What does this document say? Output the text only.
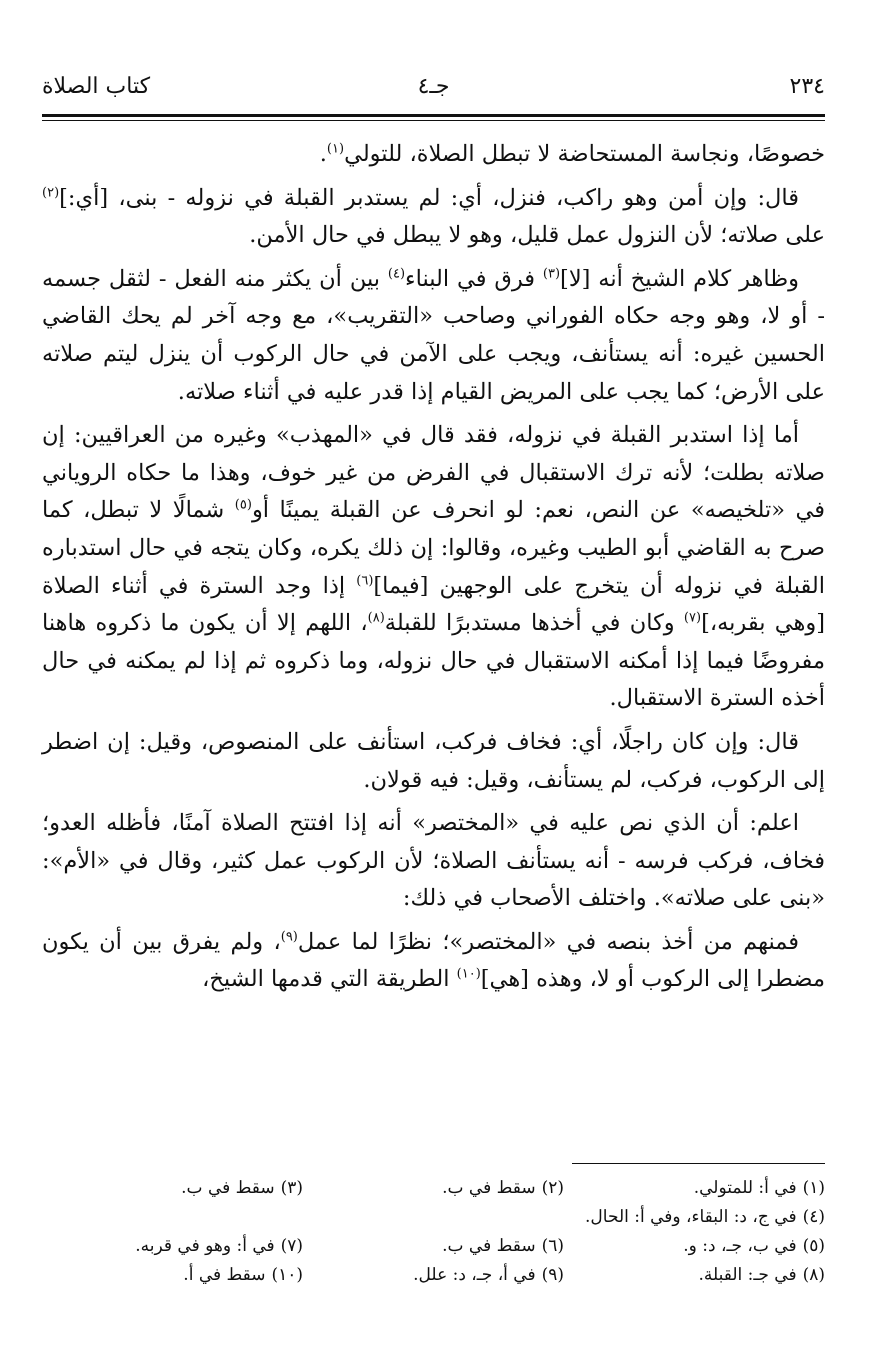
٢٣٤
جـ٤
كتاب الصلاة

خصوصًا، ونجاسة المستحاضة لا تبطل الصلاة، للتولي$^{(١)}$.

قال: وإن أمن وهو راكب، فنزل، أي: لم يستدبر القبلة في نزوله - بنى، [أي:]$^{(٢)}$ على صلاته؛ لأن النزول عمل قليل، وهو لا يبطل في حال الأمن.

وظاهر كلام الشيخ أنه [لا]$^{(٣)}$ فرق في البناء$^{(٤)}$ بين أن يكثر منه الفعل - لثقل جسمه - أو لا، وهو وجه حكاه الفوراني وصاحب «التقريب»، مع وجه آخر لم يحك القاضي الحسين غيره: أنه يستأنف، ويجب على الآمن في حال الركوب أن ينزل ليتم صلاته على الأرض؛ كما يجب على المريض القيام إذا قدر عليه في أثناء صلاته.

أما إذا استدبر القبلة في نزوله، فقد قال في «المهذب» وغيره من العراقيين: إن صلاته بطلت؛ لأنه ترك الاستقبال في الفرض من غير خوف، وهذا ما حكاه الروياني في «تلخيصه» عن النص، نعم: لو انحرف عن القبلة يمينًا أو$^{(٥)}$ شمالًا لا تبطل، كما صرح به القاضي أبو الطيب وغيره، وقالوا: إن ذلك يكره، وكان يتجه في حال استدباره القبلة في نزوله أن يتخرج على الوجهين [فيما]$^{(٦)}$ إذا وجد السترة في أثناء الصلاة [وهي بقربه،]$^{(٧)}$ وكان في أخذها مستدبرًا للقبلة$^{(٨)}$، اللهم إلا أن يكون ما ذكروه هاهنا مفروضًا فيما إذا أمكنه الاستقبال في حال نزوله، وما ذكروه ثم إذا لم يمكنه في حال أخذه السترة الاستقبال.

قال: وإن كان راجلًا، أي: فخاف فركب، استأنف على المنصوص، وقيل: إن اضطر إلى الركوب، فركب، لم يستأنف، وقيل: فيه قولان.

اعلم: أن الذي نص عليه في «المختصر» أنه إذا افتتح الصلاة آمنًا، فأظله العدو؛ فخاف، فركب فرسه - أنه يستأنف الصلاة؛ لأن الركوب عمل كثير، وقال في «الأم»: «بنى على صلاته». واختلف الأصحاب في ذلك:

فمنهم من أخذ بنصه في «المختصر»؛ نظرًا لما عمل$^{(٩)}$، ولم يفرق بين أن يكون مضطرا إلى الركوب أو لا، وهذه [هي]$^{(١٠)}$ الطريقة التي قدمها الشيخ،

(١)في أ: للمتولي.
(٢)سقط في ب.
(٣)سقط في ب.
(٤)في ج، د: البقاء، وفي أ: الحال.
(٥)في ب، جـ، د: و.
(٦)سقط في ب.
(٧)في أ: وهو في قربه.
(٨)في جـ: القبلة.
(٩)في أ، جـ، د: علل.
(١٠)سقط في أ.
